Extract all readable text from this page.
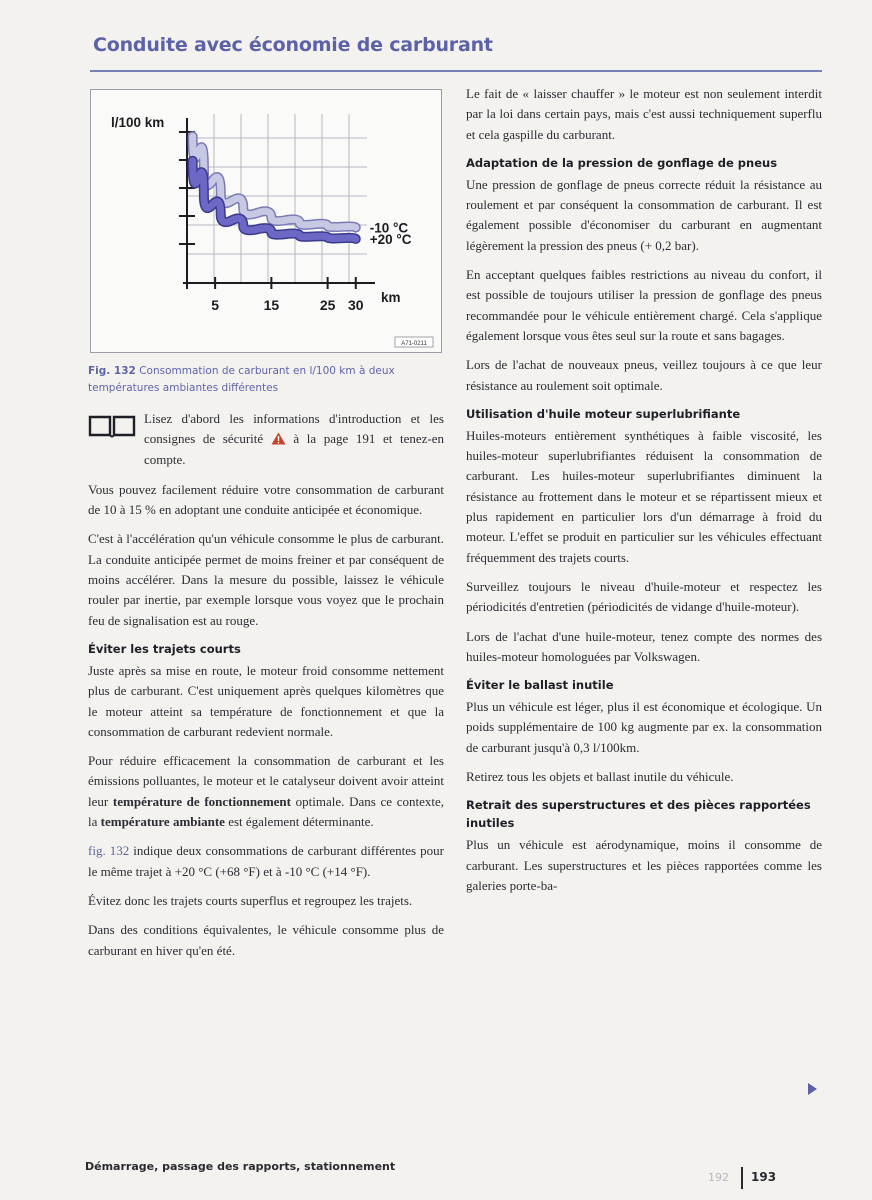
Conduite avec économie de carburant
5	15	25 30
l/100 km
km
-10 °C
+20 °C
A71-0211
Fig. 132 Consommation de carburant en l/100 km à deux températures ambiantes différentes

Lisez d'abord les informations d'introduction et les consignes de sécurité  à la page 191 et tenez-en compte.

Vous pouvez facilement réduire votre consommation de carburant de 10 à 15 % en adoptant une conduite anticipée et économique.

C'est à l'accélération qu'un véhicule consomme le plus de carburant. La conduite anticipée permet de moins freiner et par conséquent de moins accélérer. Dans la mesure du possible, laissez le véhicule rouler par inertie, par exemple lorsque vous voyez que le prochain feu de signalisation est au rouge.

Éviter les trajets courts

Juste après sa mise en route, le moteur froid consomme nettement plus de carburant. C'est uniquement après quelques kilomètres que le moteur atteint sa température de fonctionnement et que la consommation de carburant redevient normale.

Pour réduire efficacement la consommation de carburant et les émissions polluantes, le moteur et le catalyseur doivent avoir atteint leur température de fonctionnement optimale. Dans ce contexte, la température ambiante est également déterminante.

fig. 132 indique deux consommations de carburant différentes pour le même trajet à +20 °C (+68 °F) et à -10 °C (+14 °F).

Évitez donc les trajets courts superflus et regroupez les trajets.

Dans des conditions équivalentes, le véhicule consomme plus de carburant en hiver qu'en été.

Le fait de « laisser chauffer » le moteur est non seulement interdit par la loi dans certain pays, mais c'est aussi techniquement superflu et cela gaspille du carburant.

Adaptation de la pression de gonflage de pneus

Une pression de gonflage de pneus correcte réduit la résistance au roulement et par conséquent la consommation de carburant. Il est également possible d'économiser du carburant en augmentant légèrement la pression des pneus (+ 0,2 bar).

En acceptant quelques faibles restrictions au niveau du confort, il est possible de toujours utiliser la pression de gonflage des pneus recommandée pour le véhicule entièrement chargé. Cela s'applique également lorsque vous êtes seul sur la route et sans bagages.

Lors de l'achat de nouveaux pneus, veillez toujours à ce que leur résistance au roulement soit optimale.

Utilisation d'huile moteur superlubrifiante

Huiles-moteurs entièrement synthétiques à faible viscosité, les huiles-moteur superlubrifiantes réduisent la consommation de carburant. Les huiles-moteur superlubrifiantes diminuent la résistance au frottement dans le moteur et se répartissent mieux et plus rapidement en particulier lors d'un démarrage à froid du moteur. L'effet se produit en particulier sur les véhicules effectuant fréquemment des trajets courts.

Surveillez toujours le niveau d'huile-moteur et respectez les périodicités d'entretien (périodicités de vidange d'huile-moteur).

Lors de l'achat d'une huile-moteur, tenez compte des normes des huiles-moteur homologuées par Volkswagen.

Éviter le ballast inutile

Plus un véhicule est léger, plus il est économique et écologique. Un poids supplémentaire de 100 kg augmente par ex. la consommation de carburant jusqu'à 0,3 l/100km.

Retirez tous les objets et ballast inutile du véhicule.

Retrait des superstructures et des pièces rapportées inutiles

Plus un véhicule est aérodynamique, moins il consomme de carburant. Les superstructures et les pièces rapportées comme les galeries porte-ba-

Démarrage, passage des rapports, stationnement
192 193
